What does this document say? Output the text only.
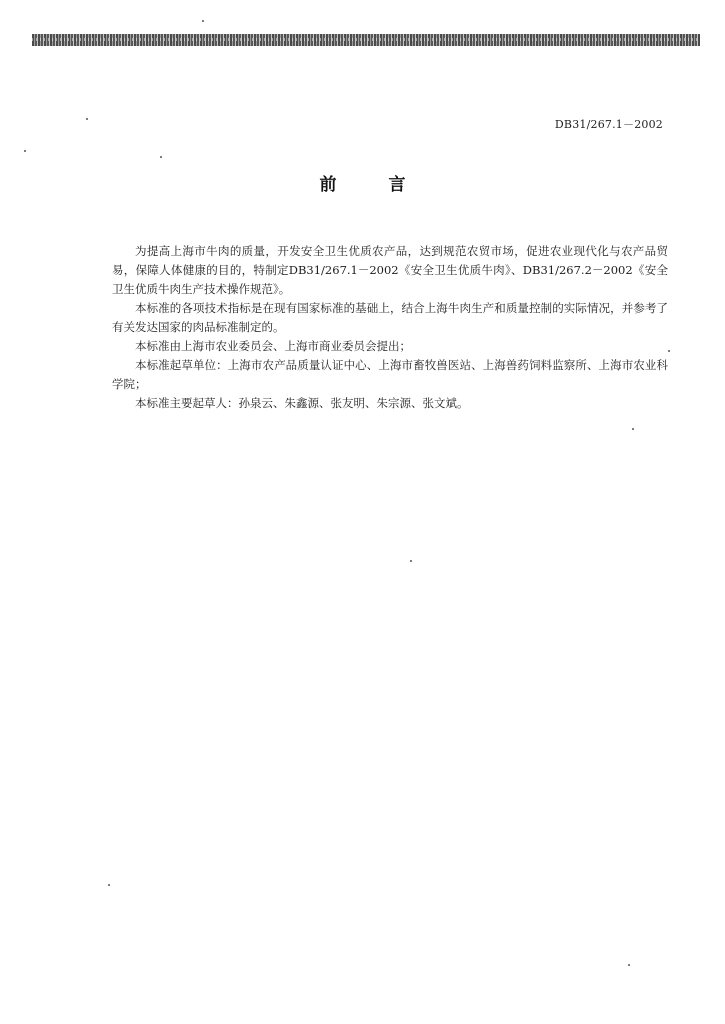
DB31/267.1－2002
前言

为提高上海市牛肉的质量，开发安全卫生优质农产品，达到规范农贸市场，促进农业现代化与农产品贸易，保障人体健康的目的，特制定DB31/267.1－2002《安全卫生优质牛肉》、DB31/267.2－2002《安全卫生优质牛肉生产技术操作规范》。

本标准的各项技术指标是在现有国家标准的基础上，结合上海牛肉生产和质量控制的实际情况，并参考了有关发达国家的肉品标准制定的。

本标准由上海市农业委员会、上海市商业委员会提出；

本标准起草单位：上海市农产品质量认证中心、上海市畜牧兽医站、上海兽药饲料监察所、上海市农业科学院；

本标准主要起草人：孙泉云、朱鑫源、张友明、朱宗源、张文斌。
